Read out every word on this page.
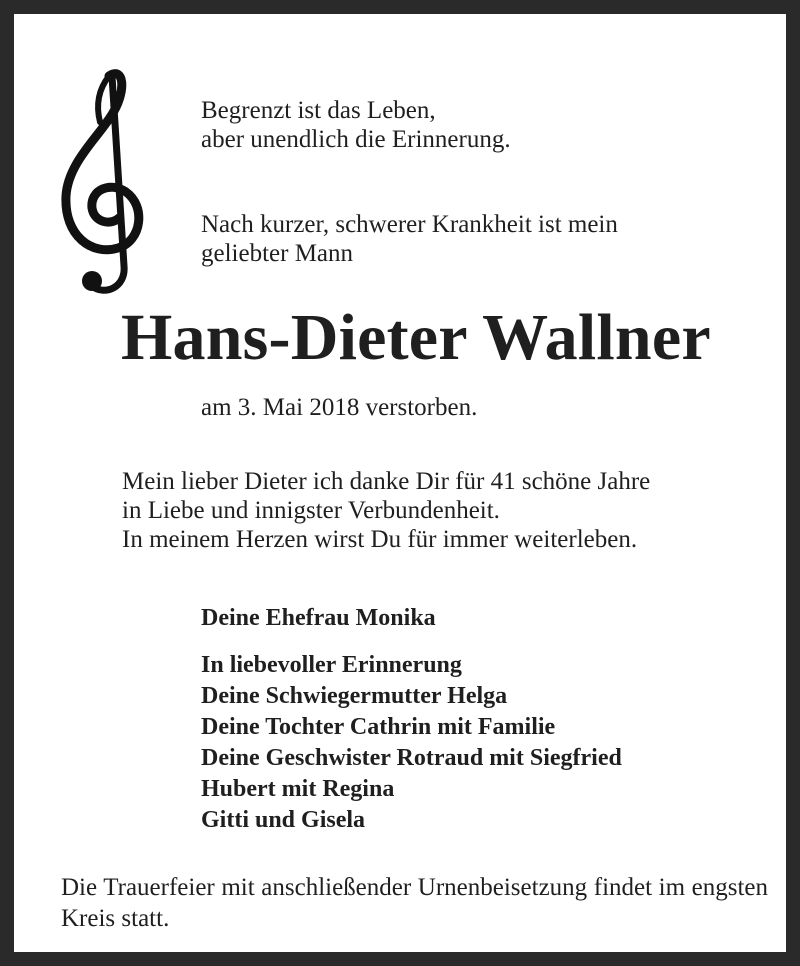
Begrenzt ist das Leben,
aber unendlich die Erinnerung.

Nach kurzer, schwerer Krankheit ist mein
geliebter Mann

Hans-Dieter Wallner

am 3. Mai 2018 verstorben.

Mein lieber Dieter ich danke Dir für 41 schöne Jahre
in Liebe und innigster Verbundenheit.
In meinem Herzen wirst Du für immer weiterleben.

Deine Ehefrau Monika

In liebevoller Erinnerung
Deine Schwiegermutter Helga
Deine Tochter Cathrin mit Familie
Deine Geschwister Rotraud mit Siegfried
Hubert mit Regina
Gitti und Gisela

Die Trauerfeier mit anschließender Urnenbeisetzung findet im engsten Kreis statt.
